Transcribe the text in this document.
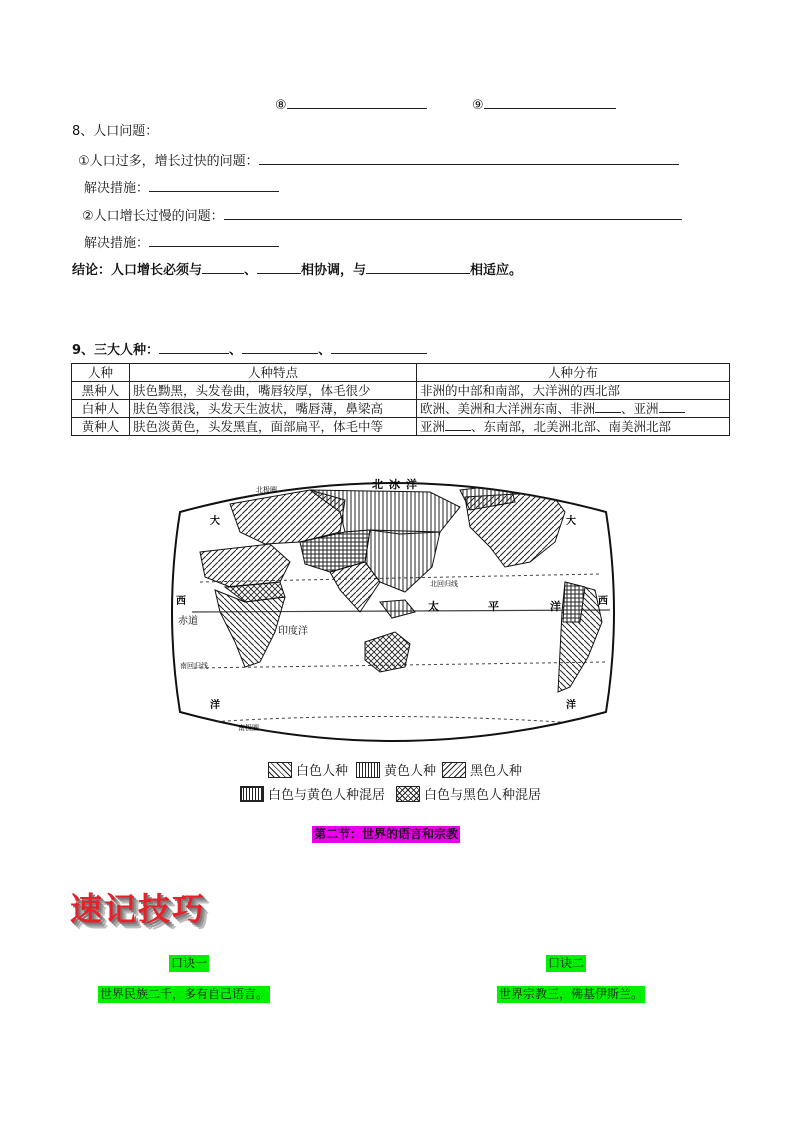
⑧	⑨
8、人口问题：
①人口过多，增长过快的问题：
解决措施：
②人口增长过慢的问题：
解决措施：
结论：人口增长必须与	、	相协调，与	相适应。
9、三大人种：	、	、
人种	人种特点	人种分布
黑种人	肤色黝黑，头发卷曲，嘴唇较厚，体毛很少	非洲的中部和南部，大洋洲的西北部
白种人	肤色等很浅，头发天生波状，嘴唇薄，鼻梁高	欧洲、美洲和大洋洲东南、非洲 、亚洲
黄种人	肤色淡黄色，头发黑直，面部扁平，体毛中等	亚洲 、东南部，北美洲北部、南美洲北部
北冰洋
北极圈
大	大
西	西
赤道
印度洋
太	平	洋
北回归线
南回归线
洋	洋
南极圈
白色人种	黄色人种	黑色人种
白色与黄色人种混居	白色与黑色人种混居
第二节：世界的语言和宗教
速记技巧
口诀一
世界民族二千，多有自己语言。
口诀二
世界宗教三，佛基伊斯兰。
